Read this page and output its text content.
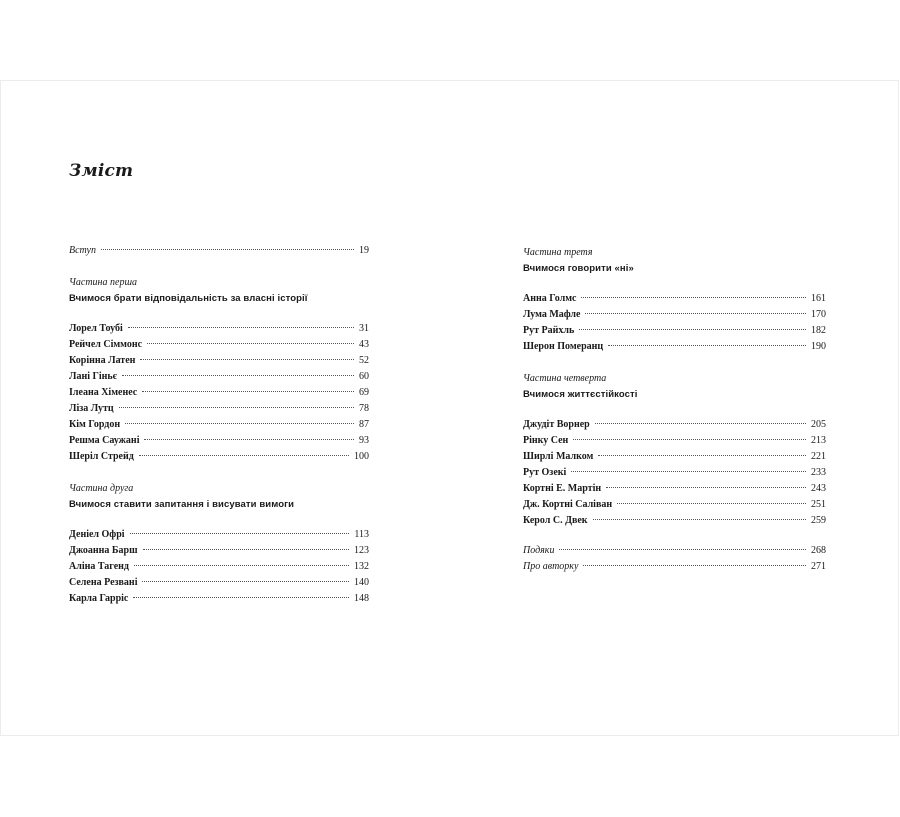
Зміст
Вступ	19
Частина перша
Вчимося брати відповідальність за власні історії
Лорел Тоубі	31
Рейчел Сіммонс	43
Корінна Латен	52
Лані Гіньє	60
Ілеана Хіменес	69
Ліза Лутц	78
Кім Гордон	87
Решма Саужані	93
Шеріл Стрейд	100
Частина друга
Вчимося ставити запитання і висувати вимоги
Деніел Офрі	113
Джоанна Барш	123
Аліна Тагенд	132
Селена Резвані	140
Карла Гарріс	148
Частина третя
Вчимося говорити «ні»
Анна Голмс	161
Лума Мафле	170
Рут Райхль	182
Шерон Померанц	190
Частина четверта
Вчимося життєстійкості
Джудіт Ворнер	205
Рінку Сен	213
Ширлі Малком	221
Рут Озекі	233
Кортні Е. Мартін	243
Дж. Кортні Саліван	251
Керол С. Двек	259
Подяки	268
Про авторку	271
